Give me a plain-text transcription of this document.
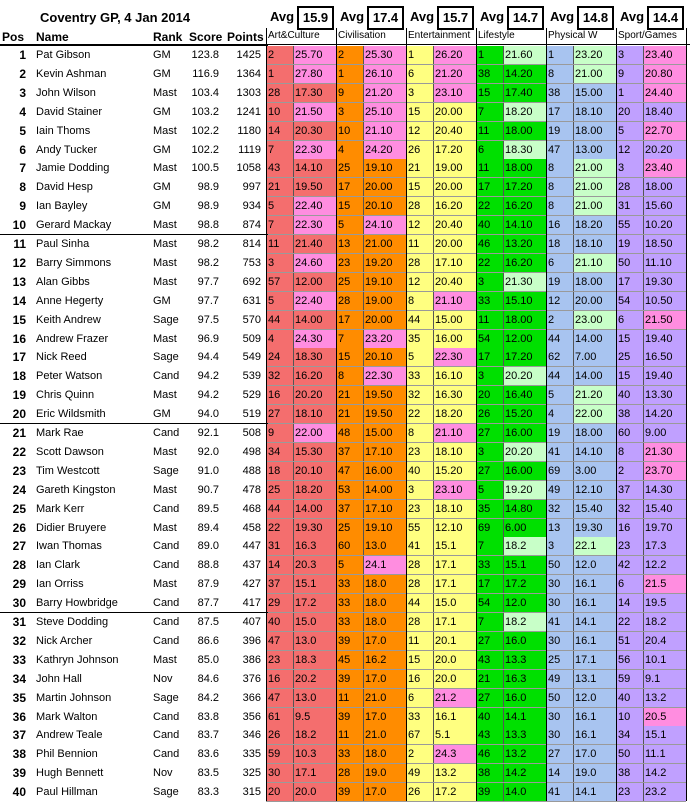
Coventry GP, 4 Jan 2014
Pos Name	Rank Score Points
Avg 15.9
Art&Culture
Avg 17.4
Civilisation
Avg 15.7
Entertainment
Avg 14.7
Lifestyle
Avg 14.8
Physical W
Avg 14.4
Sport/Games
1 Pat Gibson	GM 123.8	1425 2 25.70	2 25.30	1 26.20	1 21.60	1 23.20	3 23.40
2 Kevin Ashman	GM 116.9	1364 1 27.80	1 26.10	6 21.20	38 14.20	8 21.00	9 20.80
3 John Wilson	Mast 103.4	1303 28 17.30	9 21.20	3 23.10	15 17.40	38 15.00	1 24.40
4 David Stainer	GM 103.2	1241 10 21.50	3 25.10	15 20.00	7 18.20	17 18.10	20 18.40
5 Iain Thoms	Mast 102.2	1180 14 20.30	10 21.10	12 20.40	11 18.00	19 18.00	5 22.70
6 Andy Tucker	GM 102.2	1119 7 22.30	4 24.20	26 17.20	6 18.30	47 13.00	12 20.20
7 Jamie Dodding	Mast 100.5	1058 43 14.10	25 19.10	21 19.00	11 18.00	8 21.00	3 23.40
8 David Hesp	GM	98.9	997 21 19.50	17 20.00	15 20.00	17 17.20	8 21.00	28 18.00
9 Ian Bayley	GM	98.9	934 5 22.40	15 20.10	28 16.20	22 16.20	8 21.00	31 15.60
10 Gerard Mackay	Mast	98.8	874 7 22.30	5 24.10	12 20.40	40 14.10	16 18.20	55 10.20
11 Paul Sinha	Mast	98.2	814 11 21.40	13 21.00	11 20.00	46 13.20	18 18.10	19 18.50
12 Barry Simmons	Mast	98.2	753 3 24.60	23 19.20	28 17.10	22 16.20	6 21.10	50 11.10
13 Alan Gibbs	Mast	97.7	692 57 12.00	25 19.10	12 20.40	3 21.30	19 18.00	17 19.30
14 Anne Hegerty	GM	97.7	631 5 22.40	28 19.00	8 21.10	33 15.10	12 20.00	54 10.50
15 Keith Andrew	Sage	97.5	570 44 14.00	17 20.00	44 15.00	11 18.00	2 23.00	6 21.50
16 Andrew Frazer	Mast	96.9	509 4 24.30	7 23.20	35 16.00	54 12.00	44 14.00	15 19.40
17 Nick Reed	Sage	94.4	549 24 18.30	15 20.10	5 22.30	17 17.20	62 7.00	25 16.50
18 Peter Watson	Cand	94.2	539 32 16.20	8 22.30	33 16.10	3 20.20	44 14.00	15 19.40
19 Chris Quinn	Mast	94.2	529 16 20.20	21 19.50	32 16.30	20 16.40	5 21.20	40 13.30
20 Eric Wildsmith	GM	94.0	519 27 18.10	21 19.50	22 18.20	26 15.20	4 22.00	38 14.20
21 Mark Rae	Cand	92.1	508 9 22.00	48 15.00	8 21.10	27 16.00	19 18.00	60 9.00
22 Scott Dawson	Mast	92.0	498 34 15.30	37 17.10	23 18.10	3 20.20	41 14.10	8 21.30
23 Tim Westcott	Sage	91.0	488 18 20.10	47 16.00	40 15.20	27 16.00	69 3.00	2 23.70
24 Gareth Kingston	Mast	90.7	478 25 18.20	53 14.00	3 23.10	5 19.20	49 12.10	37 14.30
25 Mark Kerr	Cand	89.5	468 44 14.00	37 17.10	23 18.10	35 14.80	32 15.40	32 15.40
26 Didier Bruyere	Mast	89.4	458 22 19.30	25 19.10	55 12.10	69 6.00	13 19.30	16 19.70
27 Iwan Thomas	Cand	89.0	447 31 16.3	60 13.0	41 15.1	7 18.2	3 22.1	23 17.3
28 Ian Clark	Cand	88.8	437 14 20.3	5 24.1	28 17.1	33 15.1	50 12.0	42 12.2
29 Ian Orriss	Mast	87.9	427 37 15.1	33 18.0	28 17.1	17 17.2	30 16.1	6 21.5
30 Barry Howbridge	Cand	87.7	417 29 17.2	33 18.0	44 15.0	54 12.0	30 16.1	14 19.5
31 Steve Dodding	Cand	87.5	407 40 15.0	33 18.0	28 17.1	7 18.2	41 14.1	22 18.2
32 Nick Archer	Cand	86.6	396 47 13.0	39 17.0	11 20.1	27 16.0	30 16.1	51 20.4
33 Kathryn Johnson	Mast	85.0	386 23 18.3	45 16.2	15 20.0	43 13.3	25 17.1	56 10.1
34 John Hall	Nov	84.6	376 16 20.2	39 17.0	16 20.0	21 16.3	49 13.1	59 9.1
35 Martin Johnson	Sage	84.2	366 47 13.0	11 21.0	6 21.2	27 16.0	50 12.0	40 13.2
36 Mark Walton	Cand	83.8	356 61 9.5	39 17.0	33 16.1	40 14.1	30 16.1	10 20.5
37 Andrew Teale	Cand	83.7	346 26 18.2	11 21.0	67 5.1	43 13.3	30 16.1	34 15.1
38 Phil Bennion	Cand	83.6	335 59 10.3	33 18.0	2 24.3	46 13.2	27 17.0	50 11.1
39 Hugh Bennett	Nov	83.5	325 30 17.1	28 19.0	49 13.2	38 14.2	14 19.0	38 14.2
40 Paul Hillman	Sage	83.3	315 20 20.0	39 17.0	26 17.2	39 14.0	41 14.1	23 23.2
